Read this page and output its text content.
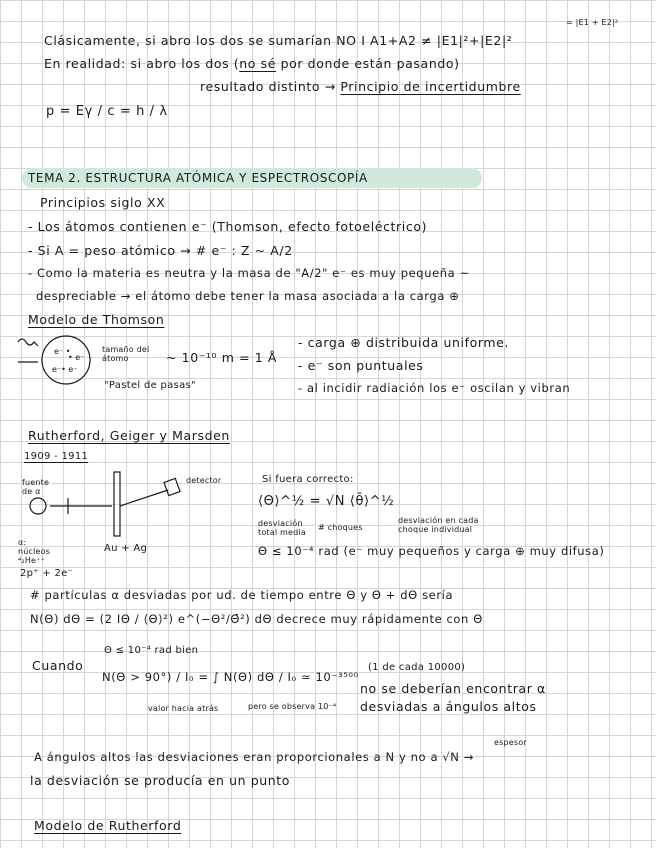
= |E1 + E2|²
Clásicamente, si abro los dos se sumarían NO I A1+A2 ≠ |E1|²+|E2|²
En realidad: si abro los dos (no sé por donde están pasando)
resultado distinto → Principio de incertidumbre
p = Eγ / c = h / λ
TEMA 2. ESTRUCTURA ATÓMICA Y ESPECTROSCOPÍA
Principios siglo XX
- Los átomos contienen e⁻ (Thomson, efecto fotoeléctrico)
- Si A = peso atómico → # e⁻ : Z ~ A/2
- Como la materia es neutra y la masa de "A/2" e⁻ es muy pequeña ~
despreciable → el átomo debe tener la masa asociada a la carga ⊕
Modelo de Thomson
e⁻ •
• e⁻
e⁻• e⁻
tamaño del átomo	~ 10⁻¹⁰ m = 1 Å
"Pastel de pasas"
- carga ⊕ distribuida uniforme.
- e⁻ son puntuales
- al incidir radiación los e⁻ oscilan y vibran
Rutherford, Geiger y Marsden
1909 - 1911
fuente de α
detector
α: núcleos ⁴₂He⁺⁺
2p⁺ + 2e⁻
Au + Ag
Si fuera correcto:
⟨Θ⟩^½ = √N ⟨θ̄⟩^½
desviación total media
# choques
desviación en cada choque individual
Θ ≤ 10⁻⁴ rad (e⁻ muy pequeños y carga ⊕ muy difusa)
# partículas α desviadas por ud. de tiempo entre Θ y Θ + dΘ sería
N(Θ) dΘ = (2 IΘ / ⟨Θ⟩²) e^(−Θ²/Θ̄²) dΘ decrece muy rápidamente con Θ
Cuando
Θ ≤ 10⁻⁴ rad bien
N(Θ > 90°) / I₀ = ∫ N(Θ) dΘ / I₀ ≃ 10⁻³⁵⁰⁰
valor hacia atrás	pero se observa 10⁻⁴
(1 de cada 10000)
no se deberían encontrar α
desviadas a ángulos altos
espesor
A ángulos altos las desviaciones eran proporcionales a N y no a √N →
la desviación se producía en un punto
Modelo de Rutherford
